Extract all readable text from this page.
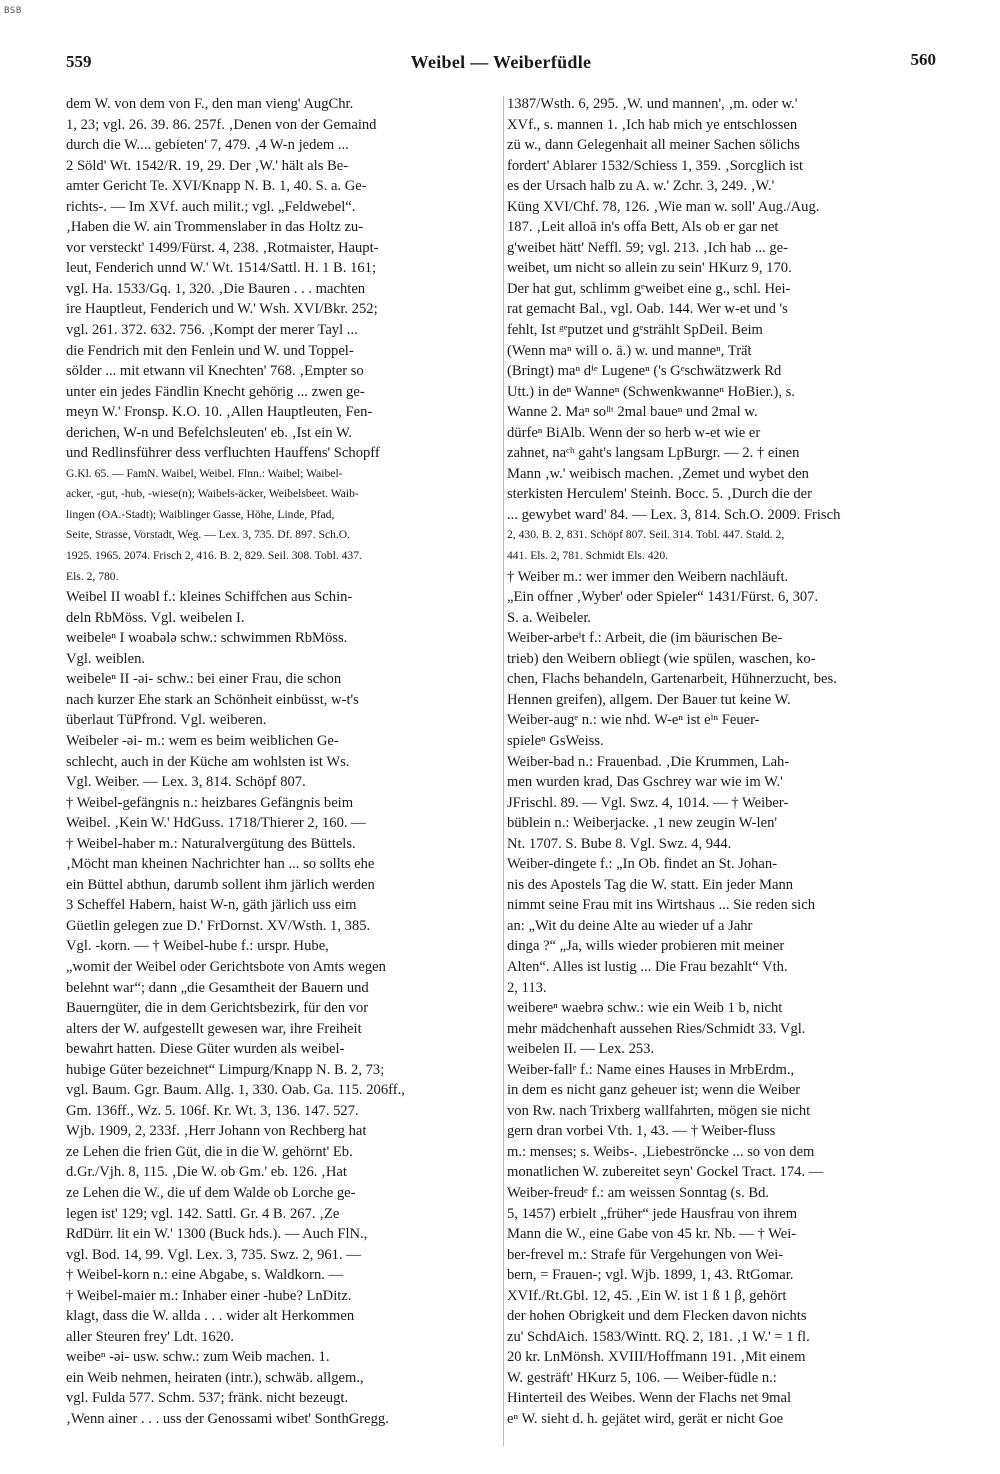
BSB
559	Weibel — Weiberfüdle	560
dem W. von dem von F., den man vieng' AugChr.
1, 23; vgl. 26. 39. 86. 257f. ‚Denen von der Gemaind
durch die W.... gebieten' 7, 479. ‚4 W-n jedem ...
2 Söld' Wt. 1542/R. 19, 29. Der ‚W.' hält als Be-
amter Gericht Te. XVI/Knapp N. B. 1, 40. S. a. Ge-
richts-. — Im XVf. auch milit.; vgl. „Feldwebel“.
‚Haben die W. ain Trommenslaber in das Holtz zu-
vor versteckt' 1499/Fürst. 4, 238. ‚Rotmaister, Haupt-
leut, Fenderich unnd W.' Wt. 1514/Sattl. H. 1 B. 161;
vgl. Ha. 1533/Gq. 1, 320. ‚Die Bauren . . . machten
ire Hauptleut, Fenderich und W.' Wsh. XVI/Bkr. 252;
vgl. 261. 372. 632. 756. ‚Kompt der merer Tayl ...
die Fendrich mit den Fenlein und W. und Toppel-
sölder ... mit etwann vil Knechten' 768. ‚Empter so
unter ein jedes Fändlin Knecht gehörig ... zwen ge-
meyn W.' Fronsp. K.O. 10. ‚Allen Hauptleuten, Fen-
derichen, W-n und Befelchsleuten' eb. ‚Ist ein W.
und Redlinsführer dess verfluchten Hauffens' Schopff
G.Kl. 65. — FamN. Waibel, Weibel. Flnn.: Waibel; Waibel-
acker, -gut, -hub, -wiese(n); Waibels-äcker, Weibelsbeet. Waib-
lingen (OA.-Stadt); Waiblinger Gasse, Höhe, Linde, Pfad,
Seite, Strasse, Vorstadt, Weg. — Lex. 3, 735. Df. 897. Sch.O.
1925. 1965. 2074. Frisch 2, 416. B. 2, 829. Seil. 308. Tobl. 437.
Els. 2, 780.
Weibel II woabl f.: kleines Schiffchen aus Schin-
deln RbMöss. Vgl. weibelen I.
weibeleⁿ I woabələ schw.: schwimmen RbMöss.
Vgl. weiblen.
weibeleⁿ II -əi- schw.: bei einer Frau, die schon
nach kurzer Ehe stark an Schönheit einbüsst, w-t's
überlaut TüPfrond. Vgl. weiberen.
Weibeler -əi- m.: wem es beim weiblichen Ge-
schlecht, auch in der Küche am wohlsten ist Ws.
Vgl. Weiber. — Lex. 3, 814. Schöpf 807.
† Weibel-gefängnis n.: heizbares Gefängnis beim
Weibel. ‚Kein W.' HdGuss. 1718/Thierer 2, 160. —
† Weibel-haber m.: Naturalvergütung des Büttels.
‚Möcht man kheinen Nachrichter han ... so sollts ehe
ein Büttel abthun, darumb sollent ihm järlich werden
3 Scheffel Habern, haist W-n, gäth järlich uss eim
Güetlin gelegen zue D.' FrDornst. XV/Wsth. 1, 385.
Vgl. -korn. — † Weibel-hube f.: urspr. Hube,
„womit der Weibel oder Gerichtsbote von Amts wegen
belehnt war“; dann „die Gesamtheit der Bauern und
Bauerngüter, die in dem Gerichtsbezirk, für den vor
alters der W. aufgestellt gewesen war, ihre Freiheit
bewahrt hatten. Diese Güter wurden als weibel-
hubige Güter bezeichnet“ Limpurg/Knapp N. B. 2, 73;
vgl. Baum. Ggr. Baum. Allg. 1, 330. Oab. Ga. 115. 206ff.,
Gm. 136ff., Wz. 5. 106f. Kr. Wt. 3, 136. 147. 527.
Wjb. 1909, 2, 233f. ‚Herr Johann von Rechberg hat
ze Lehen die frien Güt, die in die W. gehörnt' Eb.
d.Gr./Vjh. 8, 115. ‚Die W. ob Gm.' eb. 126. ‚Hat
ze Lehen die W., die uf dem Walde ob Lorche ge-
legen ist' 129; vgl. 142. Sattl. Gr. 4 B. 267. ‚Ze
RdDürr. lit ein W.' 1300 (Buck hds.). — Auch FlN.,
vgl. Bod. 14, 99. Vgl. Lex. 3, 735. Swz. 2, 961. —
† Weibel-korn n.: eine Abgabe, s. Waldkorn. —
† Weibel-maier m.: Inhaber einer -hube? LnDitz.
klagt, dass die W. allda . . . wider alt Herkommen
aller Steuren frey' Ldt. 1620.
weibeⁿ -əi- usw. schw.: zum Weib machen. 1.
ein Weib nehmen, heiraten (intr.), schwäb. allgem.,
vgl. Fulda 577. Schm. 537; fränk. nicht bezeugt.
‚Wenn ainer . . . uss der Genossami wibet' SonthGregg.
1387/Wsth. 6, 295. ‚W. und mannen', ‚m. oder w.'
XVf., s. mannen 1. ‚Ich hab mich ye entschlossen
zü w., dann Gelegenhait all meiner Sachen sölichs
fordert' Ablarer 1532/Schiess 1, 359. ‚Sorcglich ist
es der Ursach halb zu A. w.' Zchr. 3, 249. ‚W.'
Küng XVI/Chf. 78, 126. ‚Wie man w. soll' Aug./Aug.
187. ‚Leit alloā in's offa Bett, Als ob er gar net
g'weibet hätt' Neffl. 59; vgl. 213. ‚Ich hab ... ge-
weibet, um nicht so allein zu sein' HKurz 9, 170.
Der hat gut, schlimm gᵉweibet eine g., schl. Hei-
rat gemacht Bal., vgl. Oab. 144. Wer w-et und 's
fehlt, Ist ᵍᵉputzet und gᵉstrählt SpDeil. Beim
(Wenn maⁿ will o. ä.) w. und manneⁿ, Trä̈t
(Bringt) maⁿ dⁱᵉ Lugeneⁿ ('s Gᵉschwätzwerk Rd
Utt.) in deⁿ Wanneⁿ (Schwenkwanneⁿ HoBier.), s.
Wanne 2. Maⁿ soˡˡᵗ 2mal baueⁿ und 2mal w.
dürfeⁿ BiAlb. Wenn der so herb w-et wie er
zahnet, naᶜʰ gaht's langsam LpBurgr. — 2. † einen
Mann ‚w.' weibisch machen. ‚Zemet und wybet den
sterkisten Herculem' Steinh. Bocc. 5. ‚Durch die der
... gewybet ward' 84. — Lex. 3, 814. Sch.O. 2009. Frisch
2, 430. B. 2, 831. Schöpf 807. Seil. 314. Tobl. 447. Stald. 2,
441. Els. 2, 781. Schmidt Els. 420.
† Weiber m.: wer immer den Weibern nachläuft.
„Ein offner ‚Wyber' oder Spieler“ 1431/Fürst. 6, 307.
S. a. Weibeler.
Weiber-arbeⁱt f.: Arbeit, die (im bäurischen Be-
trieb) den Weibern obliegt (wie spülen, waschen, ko-
chen, Flachs behandeln, Gartenarbeit, Hühnerzucht, bes.
Hennen greifen), allgem. Der Bauer tut keine W.
Weiber-augᵉ n.: wie nhd. W-eⁿ ist eⁱⁿ Feuer-
spieleⁿ GsWeiss.
Weiber-bad n.: Frauenbad. ‚Die Krummen, Lah-
men wurden krad, Das Gschrey war wie im W.'
JFrischl. 89. — Vgl. Swz. 4, 1014. — † Weiber-
büblein n.: Weiberjacke. ‚1 new zeugin W-len'
Nt. 1707. S. Bube 8. Vgl. Swz. 4, 944.
Weiber-dingete f.: „In Ob. findet an St. Johan-
nis des Apostels Tag die W. statt. Ein jeder Mann
nimmt seine Frau mit ins Wirtshaus ... Sie reden sich
an: „Wit du deine Alte au wieder uf a Jahr
dinga ?“ „Ja, wills wieder probieren mit meiner
Alten“. Alles ist lustig ... Die Frau bezahlt“ Vth.
2, 113.
weibereⁿ waebrə schw.: wie ein Weib 1 b, nicht
mehr mädchenhaft aussehen Ries/Schmidt 33. Vgl.
weibelen II. — Lex. 253.
Weiber-fallᵉ f.: Name eines Hauses in MrbErdm.,
in dem es nicht ganz geheuer ist; wenn die Weiber
von Rw. nach Trixberg wallfahrten, mögen sie nicht
gern dran vorbei Vth. 1, 43. — † Weiber-fluss
m.: menses; s. Weibs-. ‚Liebeströncke ... so von dem
monatlichen W. zubereitet seyn' Gockel Tract. 174. —
Weiber-freudᵉ f.: am weissen Sonntag (s. Bd.
5, 1457) erbielt „früher“ jede Hausfrau von ihrem
Mann die W., eine Gabe von 45 kr. Nb. — † Wei-
ber-frevel m.: Strafe für Vergehungen von Wei-
bern, = Frauen-; vgl. Wjb. 1899, 1, 43. RtGomar.
XVIf./Rt.Gbl. 12, 45. ‚Ein W. ist 1 ß 1 β, gehört
der hohen Obrigkeit und dem Flecken davon nichts
zu' SchdAich. 1583/Wintt. RQ. 2, 181. ‚1 W.' = 1 fl.
20 kr. LnMönsh. XVIII/Hoffmann 191. ‚Mit einem
W. gesträft' HKurz 5, 106. — Weiber-füdle n.:
Hinterteil des Weibes. Wenn der Flachs net 9mal
eⁿ W. sieht d. h. gejätet wird, gerät er nicht Goe
